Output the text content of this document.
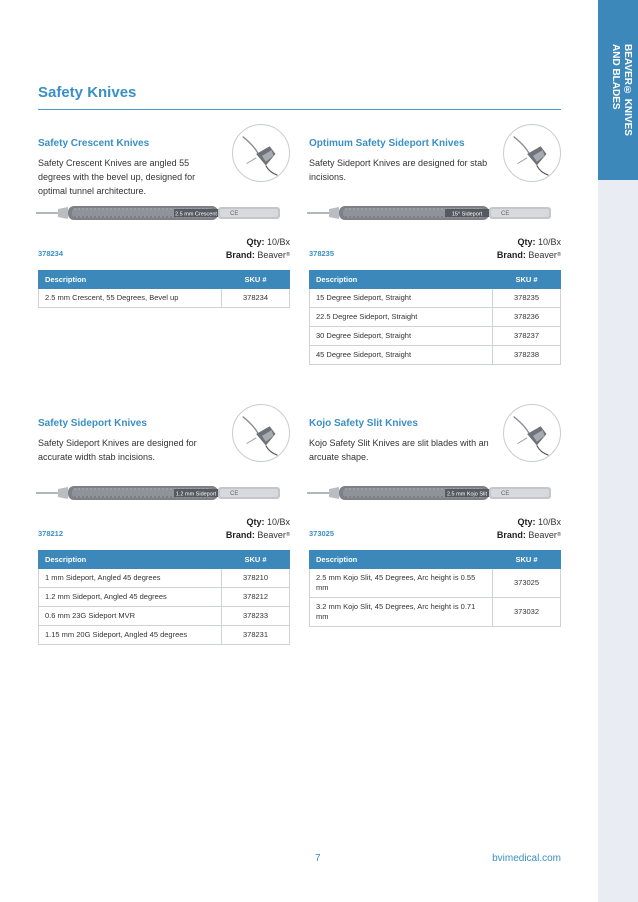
BEAVER® KNIVES
AND BLADES
Safety Knives
Safety Crescent Knives

Safety Crescent Knives are angled 55 degrees with the bevel up, designed for optimal tunnel architecture.

2.5 mm Crescent CE
378234
Qty: 10/Bx
Brand: Beaver®
Description	SKU #
2.5 mm Crescent, 55 Degrees, Bevel up	378234
Optimum Safety Sideport Knives

Safety Sideport Knives are designed for stab incisions.

15° Sideport	CE
378235
Qty: 10/Bx
Brand: Beaver®
Description	SKU #
15 Degree Sideport, Straight	378235
22.5 Degree Sideport, Straight	378236
30 Degree Sideport, Straight	378237
45 Degree Sideport, Straight	378238
Safety Sideport Knives

Safety Sideport Knives are designed for accurate width stab incisions.

1.2 mm Sideport CE
378212
Qty: 10/Bx
Brand: Beaver®
Description	SKU #
1 mm Sideport, Angled 45 degrees	378210
1.2 mm Sideport, Angled 45 degrees	378212
0.6 mm 23G Sideport MVR	378233
1.15 mm 20G Sideport, Angled 45 degrees	378231
Kojo Safety Slit Knives

Kojo Safety Slit Knives are slit blades with an arcuate shape.

2.5 mm Kojo Slit CE
373025
Qty: 10/Bx
Brand: Beaver®
Description	SKU #
2.5 mm Kojo Slit, 45 Degrees, Arc height is 0.55 mm	373025
3.2 mm Kojo Slit, 45 Degrees, Arc height is 0.71 mm	373032
7	bvimedical.com
